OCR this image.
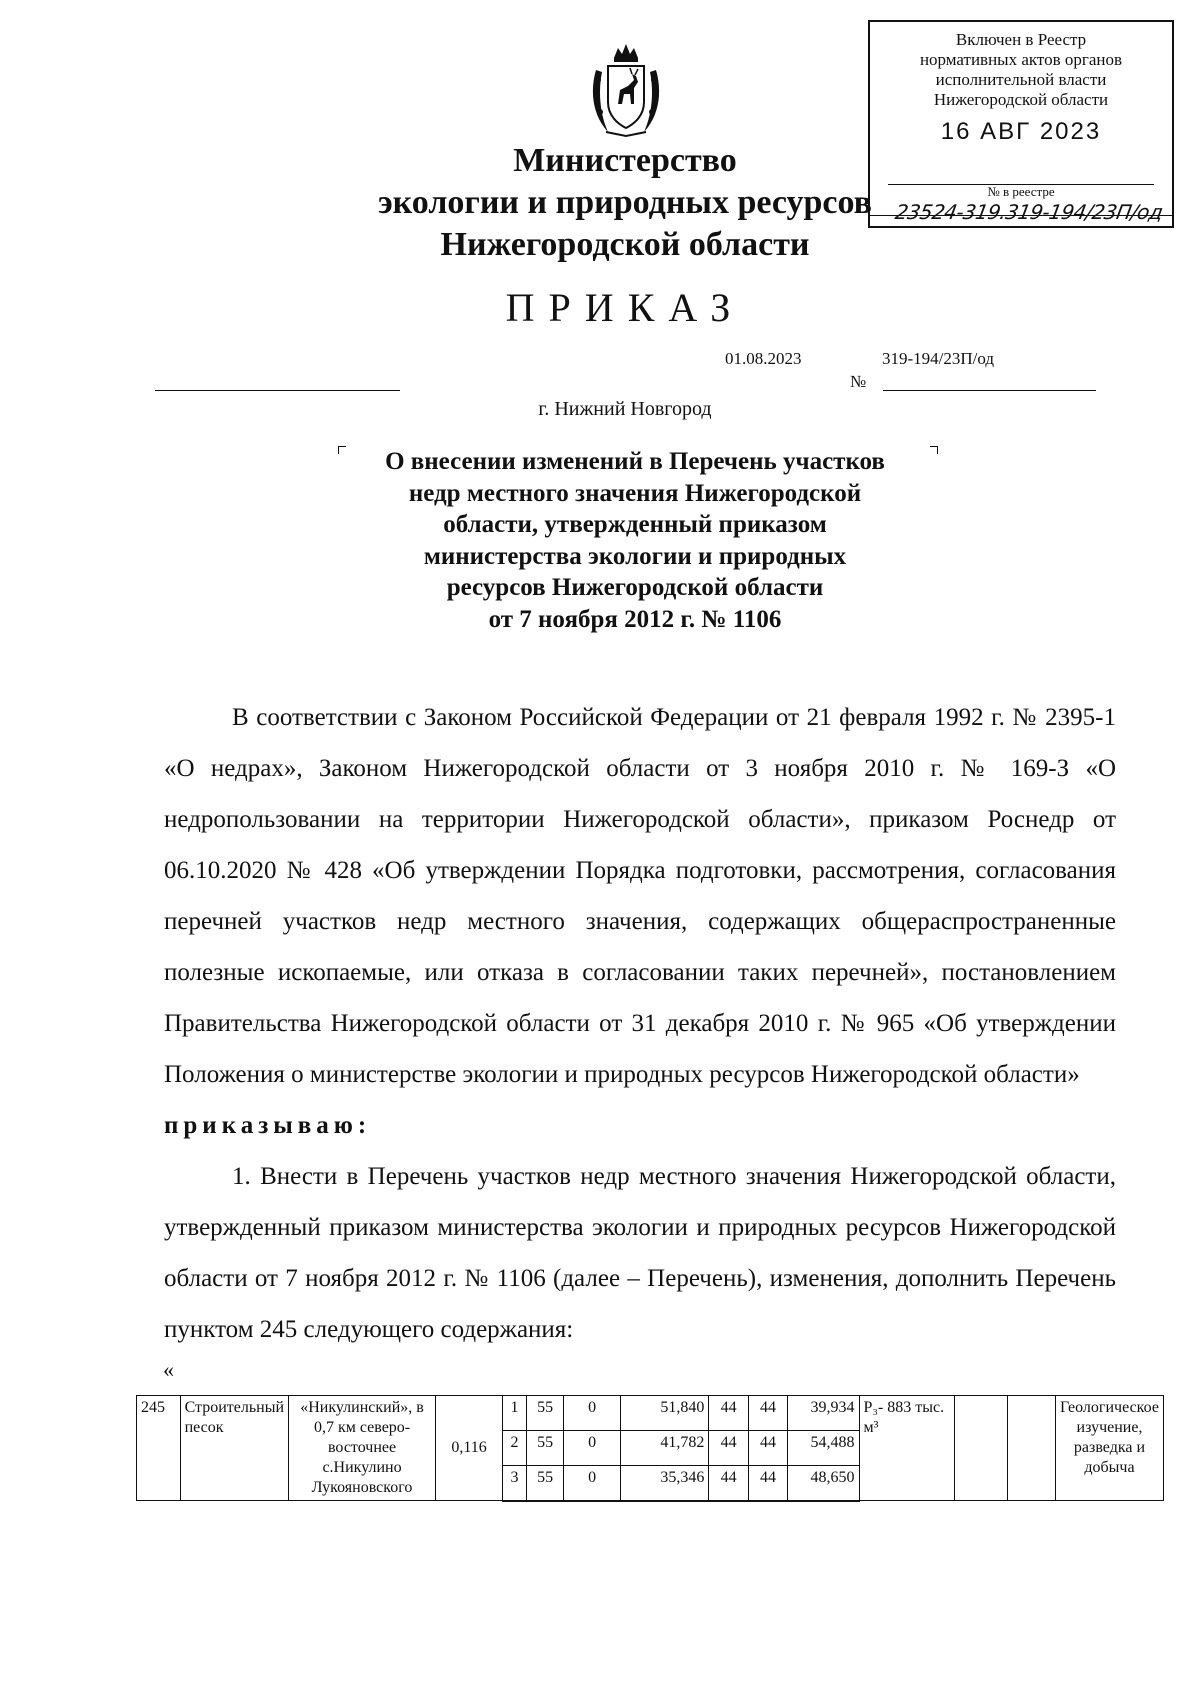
Министерство
экологии и природных ресурсов
Нижегородской области
Включен в Реестр
нормативных актов органов
исполнительной власти
Нижегородской области
16 АВГ 2023
№ в реестре
23524-319.319-194/23П/од
ПРИКАЗ
01.08.2023	319-194/23П/од
№
г. Нижний Новгород
О внесении изменений в Перечень участков
недр местного значения Нижегородской
области, утвержденный приказом
министерства экологии и природных
ресурсов Нижегородской области
от 7 ноября 2012 г. № 1106

В соответствии с Законом Российской Федерации от 21 февраля 1992 г. № 2395-1 «О недрах», Законом Нижегородской области от 3 ноября 2010 г. № 169-З «О недропользовании на территории Нижегородской области», приказом Роснедр от 06.10.2020 № 428 «Об утверждении Порядка подготовки, рассмотрения, согласования перечней участков недр местного значения, содержащих общераспространенные полезные ископаемые, или отказа в согласовании таких перечней», постановлением Правительства Нижегородской области от 31 декабря 2010 г. № 965 «Об утверждении Положения о министерстве экологии и природных ресурсов Нижегородской области»

приказываю:

1. Внести в Перечень участков недр местного значения Нижегородской области, утвержденный приказом министерства экологии и природных ресурсов Нижегородской области от 7 ноября 2012 г. № 1106 (далее – Перечень), изменения, дополнить Перечень пунктом 245 следующего содержания:

«
245	Строительный песок	«Никулинский», в 0,7 км северо-восточнее с.Никулино Лукояновского	0,116	1	55	0	51,840	44	44	39,934	P₃- 883 тыс. м³			Геологическое изучение, разведка и добыча
				2	55	0	41,782	44	44	54,488				
				3	55	0	35,346	44	44	48,650				
